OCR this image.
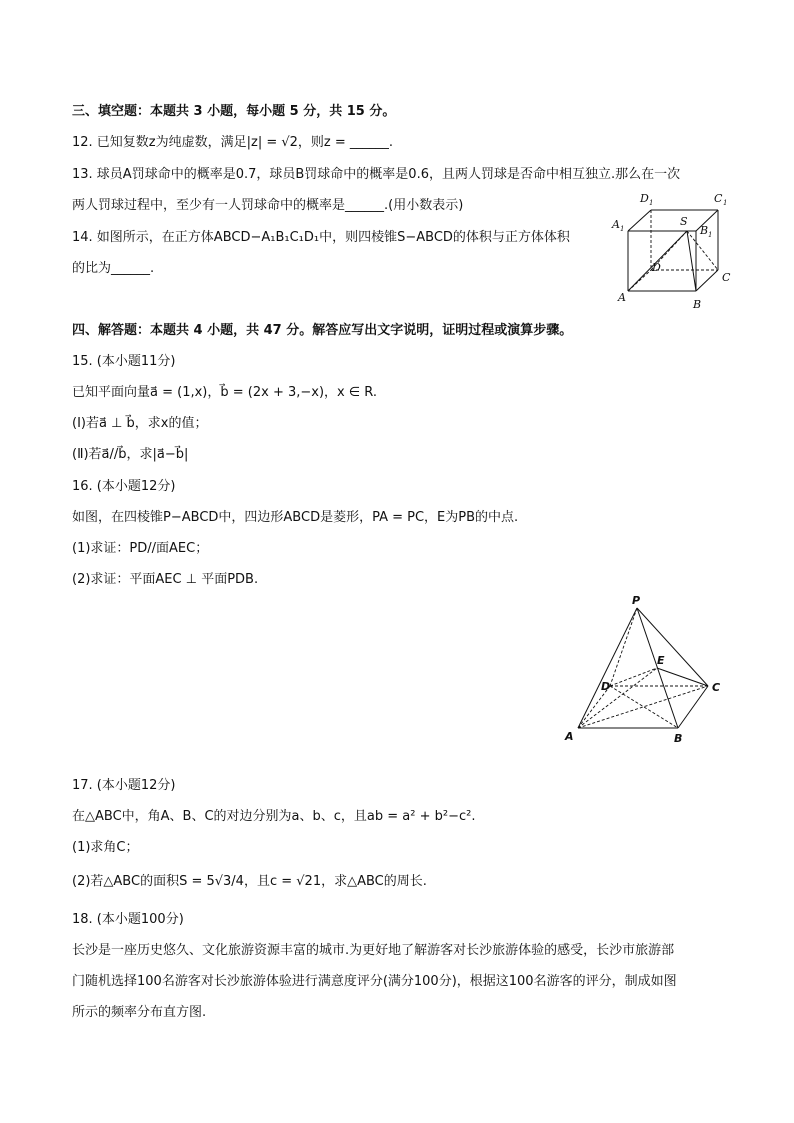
三、填空题：本题共 3 小题，每小题 5 分，共 15 分。
12. 已知复数z为纯虚数，满足|z| = √2，则z = ______.
13. 球员A罚球命中的概率是0.7，球员B罚球命中的概率是0.6，且两人罚球是否命中相互独立.那么在一次
两人罚球过程中，至少有一人罚球命中的概率是______.(用小数表示)
14. 如图所示，在正方体ABCD−A₁B₁C₁D₁中，则四棱锥S−ABCD的体积与正方体体积
的比为______.
D 1	C 1
A 1	B 1
S
D
A
B
C
四、解答题：本题共 4 小题，共 47 分。解答应写出文字说明，证明过程或演算步骤。
15. (本小题11分)
已知平面向量a⃗ = (1,x)，b⃗ = (2x + 3,−x)，x ∈ R.
(Ⅰ)若a⃗ ⊥ b⃗，求x的值；
(Ⅱ)若a⃗//b⃗，求|a⃗−b⃗|
16. (本小题12分)
如图，在四棱锥P−ABCD中，四边形ABCD是菱形，PA = PC，E为PB的中点.
(1)求证：PD//面AEC；
(2)求证：平面AEC ⊥ 平面PDB.
P
E
D	C
A	B
17. (本小题12分)
在△ABC中，角A、B、C的对边分别为a、b、c，且ab = a² + b²−c².
(1)求角C；
(2)若△ABC的面积S = 5√3/4，且c = √21，求△ABC的周长.
18. (本小题100分)
长沙是一座历史悠久、文化旅游资源丰富的城市.为更好地了解游客对长沙旅游体验的感受，长沙市旅游部
门随机选择100名游客对长沙旅游体验进行满意度评分(满分100分)，根据这100名游客的评分，制成如图
所示的频率分布直方图.
